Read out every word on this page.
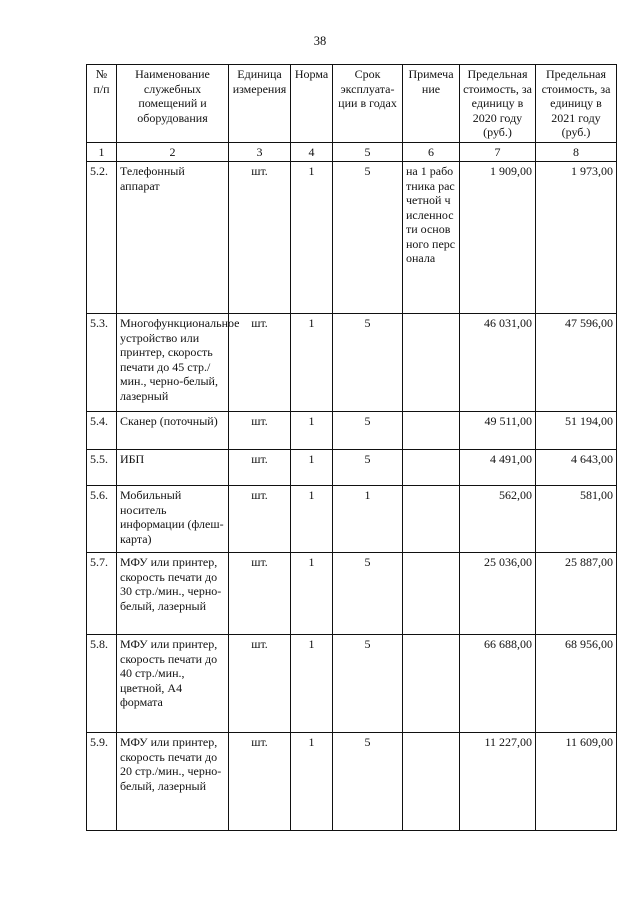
38
№ п/п	Наименование служебных помещений и оборудования	Единица измерения	Норма	Срок эксплуата-ции в годах	Примеча ние	Предельная стоимость, за единицу в 2020 году (руб.)	Предельная стоимость, за единицу в 2021 году (руб.)
1	2	3	4	5	6	7	8
5.2.	Телефонный аппарат	шт.	1	5	на 1 работника расчетной численности основного персонала	1 909,00	1 973,00
5.3.	Многофункциональное устройство или принтер, скорость печати до 45 стр./мин., черно-белый, лазерный	шт.	1	5		46 031,00	47 596,00
5.4.	Сканер (поточный)	шт.	1	5		49 511,00	51 194,00
5.5.	ИБП	шт.	1	5		4 491,00	4 643,00
5.6.	Мобильный носитель информации (флеш-карта)	шт.	1	1		562,00	581,00
5.7.	МФУ или принтер, скорость печати до 30 стр./мин., черно-белый, лазерный	шт.	1	5		25 036,00	25 887,00
5.8.	МФУ или принтер, скорость печати до 40 стр./мин., цветной, А4 формата	шт.	1	5		66 688,00	68 956,00
5.9.	МФУ или принтер, скорость печати до 20 стр./мин., черно-белый, лазерный	шт.	1	5		11 227,00	11 609,00
